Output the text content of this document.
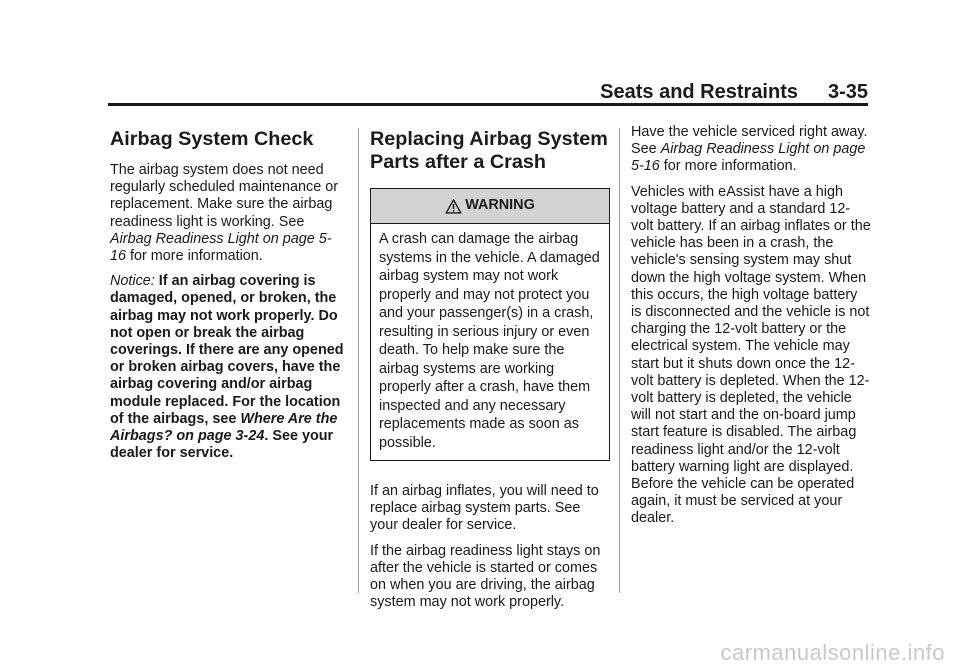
Seats and Restraints 3-35
Airbag System Check

The airbag system does not need regularly scheduled maintenance or replacement. Make sure the airbag readiness light is working. See Airbag Readiness Light on page 5-16 for more information.

Notice: If an airbag covering is damaged, opened, or broken, the airbag may not work properly. Do not open or break the airbag coverings. If there are any opened or broken airbag covers, have the airbag covering and/or airbag module replaced. For the location of the airbags, see Where Are the Airbags? on page 3-24. See your dealer for service.

Replacing Airbag System Parts after a Crash
WARNING
A crash can damage the airbag systems in the vehicle. A damaged airbag system may not work properly and may not protect you and your passenger(s) in a crash, resulting in serious injury or even death. To help make sure the airbag systems are working properly after a crash, have them inspected and any necessary replacements made as soon as possible.

If an airbag inflates, you will need to replace airbag system parts. See your dealer for service.

If the airbag readiness light stays on after the vehicle is started or comes on when you are driving, the airbag system may not work properly.

Have the vehicle serviced right away. See Airbag Readiness Light on page 5-16 for more information.

Vehicles with eAssist have a high voltage battery and a standard 12-volt battery. If an airbag inflates or the vehicle has been in a crash, the vehicle's sensing system may shut down the high voltage system. When this occurs, the high voltage battery is disconnected and the vehicle is not charging the 12-volt battery or the electrical system. The vehicle may start but it shuts down once the 12-volt battery is depleted. When the 12-volt battery is depleted, the vehicle will not start and the on-board jump start feature is disabled. The airbag readiness light and/or the 12-volt battery warning light are displayed. Before the vehicle can be operated again, it must be serviced at your dealer.

carmanualsonline.info
